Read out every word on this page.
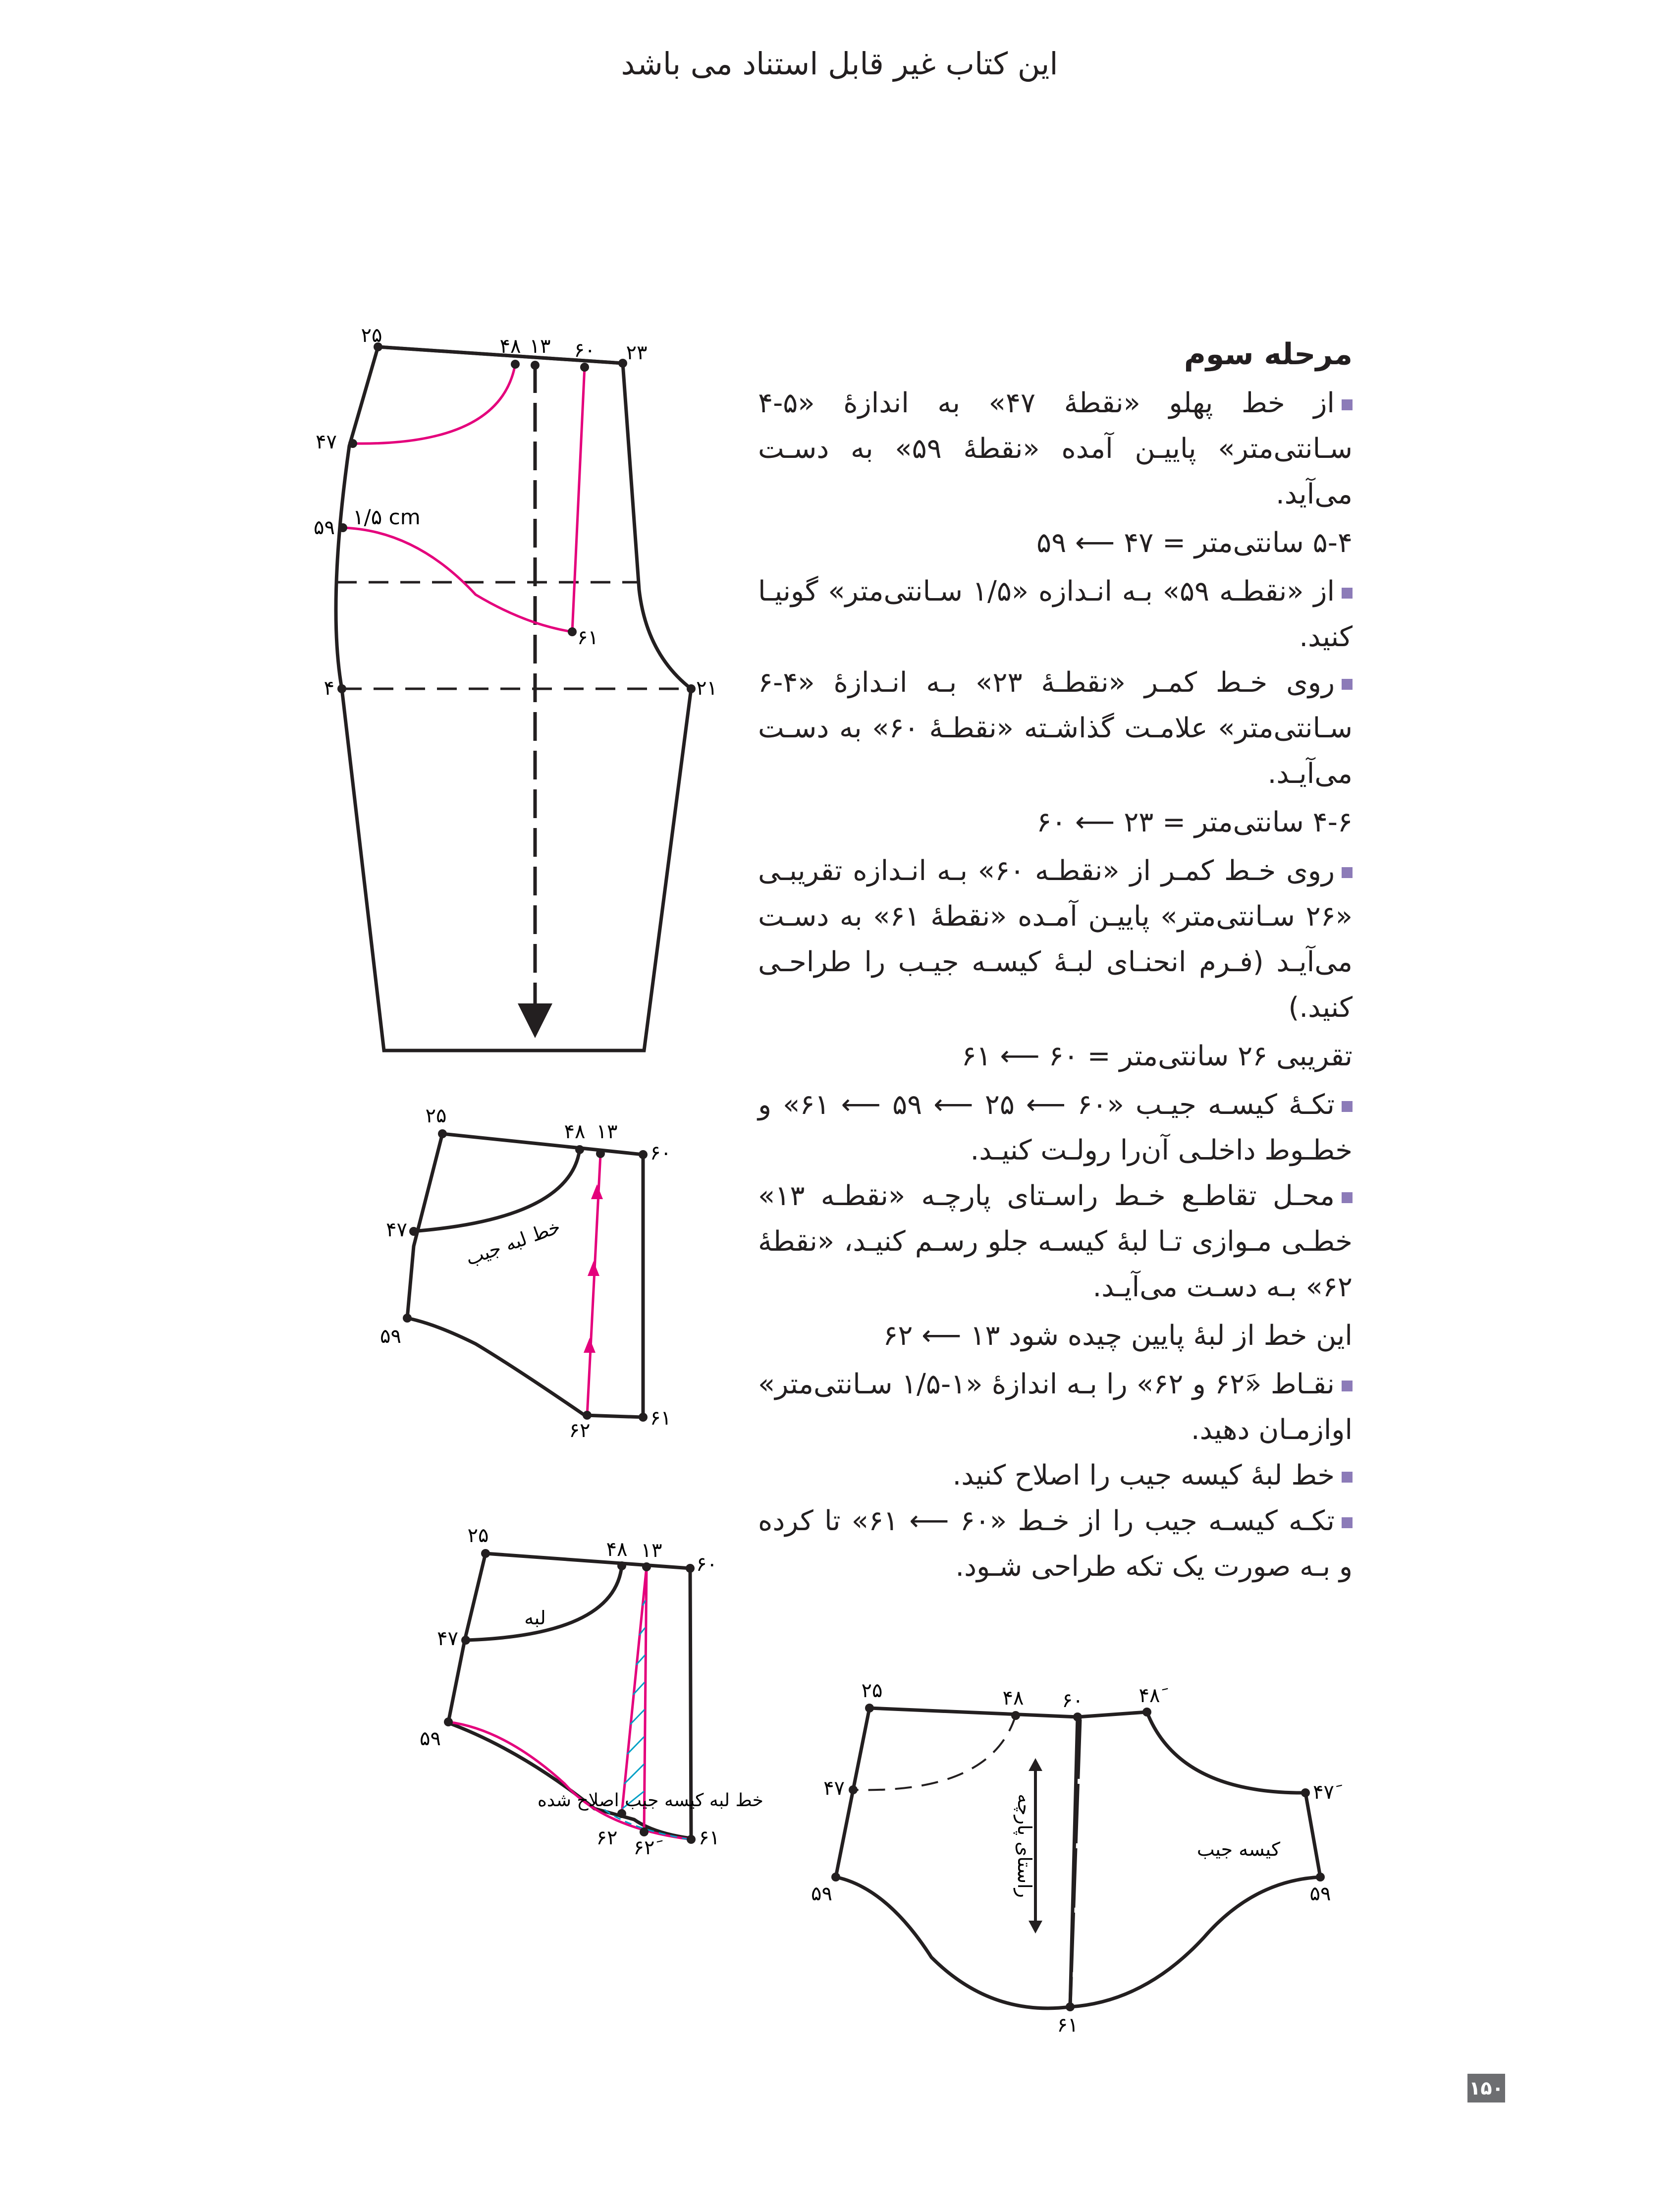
این کتاب غیر قابل استناد می باشد
مرحله سوم
از خط پهلو «نقطۀ ۴۷» به اندازۀ «۵-۴ سـانتی‌متر» پاییـن آمده «نقطۀ ۵۹» به دسـت می‌آید.
۵-۴ سانتی‌متر = ۴۷ ⟵ ۵۹
از «نقطـه ۵۹» بـه انـدازه «۱/۵ سـانتی‌متر» گونیـا کنید.
روی خـط کمـر «نقطـۀ ۲۳» بـه انـدازۀ «۴-۶ سـانتی‌متر» علامـت گذاشـته «نقطـۀ ۶۰» به دسـت می‌آیـد.
۴-۶ سانتی‌متر = ۲۳ ⟵ ۶۰
روی خـط کمـر از «نقطـه ۶۰» بـه انـدازه تقریبـی «۲۶ سـانتی‌متر» پاییـن آمـده «نقطۀ ۶۱» به دسـت می‌آیـد (فـرم انحنـای لبـۀ کیسـه جیـب را طراحـی کنید.)
تقریبی ۲۶ سانتی‌متر = ۶۰ ⟵ ۶۱
تکـۀ کیسـه جیـب «۶۰ ⟵ ۲۵ ⟵ ۵۹ ⟵ ۶۱» و خطـوط داخلـی آن‌را رولـت کنیـد.
محـل تقاطـع خـط راسـتای پارچـه «نقطـه ۱۳» خطـی مـوازی تـا لبۀ کیسـه جلو رسـم کنیـد، «نقطۀ ۶۲» بـه دسـت می‌آیـد.
این خط از لبۀ پایین چیده شود ۱۳ ⟵ ۶۲
نقـاط «۶۲َ و ۶۲» را بـه اندازۀ «۱-۱/۵ سـانتی‌متر» اوازمـان دهید.
خط لبۀ کیسه جیب را اصلاح کنید.
تکـه کیسـه جیب را از خـط «۶۰ ⟵ ۶۱» تا کرده و بـه صورت یک تکه طراحی شـود.
۲۵	۴۸ ۱۳ ۶۰ ۲۳
۴۷
۵۹ ۱/۵ cm
۶۱
۴	۲۱
۲۵
۴۸ ۱۳
۶۰
۴۷
۵۹
۶۲
۶۱
خط لبه جیب
۲۵
۴۸ ۱۳
۶۰
۴۷
۵۹
۶۲ ۶۲َ	۶۱
لبه
خط لبه کیسه جیب اصلاح شده
۲۵	۴۸ ۶۰	۴۸َ
۴۷	۴۷َ
۵۹	۵۹
۶۱
راستای پارچه	کیسه جیب
۱۵۰
